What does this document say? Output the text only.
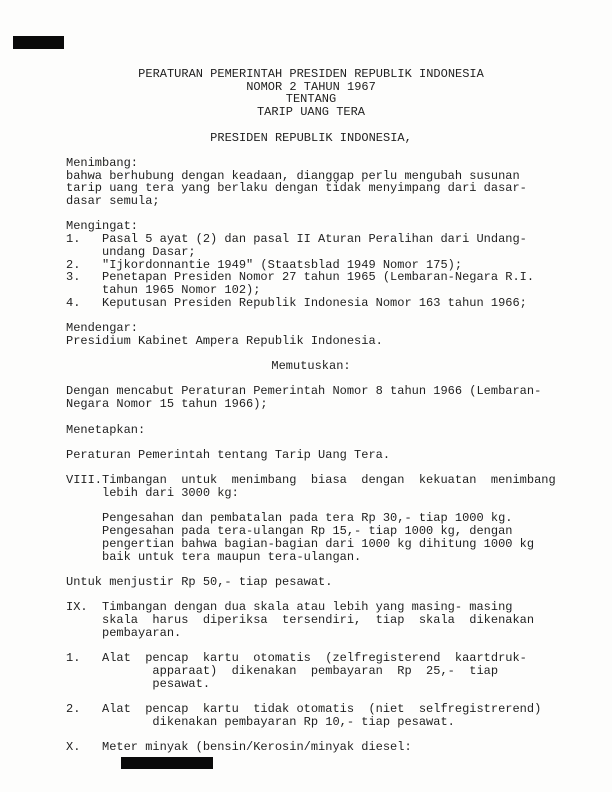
PERATURAN PEMERINTAH PRESIDEN REPUBLIK INDONESIA
NOMOR 2 TAHUN 1967
TENTANG
TARIP UANG TERA
PRESIDEN REPUBLIK INDONESIA,
Menimbang:
bahwa berhubung dengan keadaan, dianggap perlu mengubah susunan
tarip uang tera yang berlaku dengan tidak menyimpang dari dasar-
dasar semula;
Mengingat:
1.   Pasal 5 ayat (2) dan pasal II Aturan Peralihan dari Undang-
undang Dasar;
2.   "Ijkordonnantie 1949" (Staatsblad 1949 Nomor 175);
3.   Penetapan Presiden Nomor 27 tahun 1965 (Lembaran-Negara R.I.
tahun 1965 Nomor 102);
4.   Keputusan Presiden Republik Indonesia Nomor 163 tahun 1966;
Mendengar:
Presidium Kabinet Ampera Republik Indonesia.
Memutuskan:
Dengan mencabut Peraturan Pemerintah Nomor 8 tahun 1966 (Lembaran-
Negara Nomor 15 tahun 1966);
Menetapkan:
Peraturan Pemerintah tentang Tarip Uang Tera.
VIII.Timbangan  untuk  menimbang  biasa  dengan  kekuatan  menimbang
lebih dari 3000 kg:
Pengesahan dan pembatalan pada tera Rp 30,- tiap 1000 kg.
Pengesahan pada tera-ulangan Rp 15,- tiap 1000 kg, dengan
pengertian bahwa bagian-bagian dari 1000 kg dihitung 1000 kg
baik untuk tera maupun tera-ulangan.
Untuk menjustir Rp 50,- tiap pesawat.
IX.  Timbangan dengan dua skala atau lebih yang masing- masing
skala  harus  diperiksa  tersendiri,  tiap  skala  dikenakan
pembayaran.
1.   Alat  pencap  kartu  otomatis  (zelfregisterend  kaartdruk-
apparaat)  dikenakan  pembayaran  Rp  25,-  tiap
pesawat.
2.   Alat  pencap  kartu  tidak otomatis  (niet  selfregistrerend)
dikenakan pembayaran Rp 10,- tiap pesawat.
X.   Meter minyak (bensin/Kerosin/minyak diesel:
